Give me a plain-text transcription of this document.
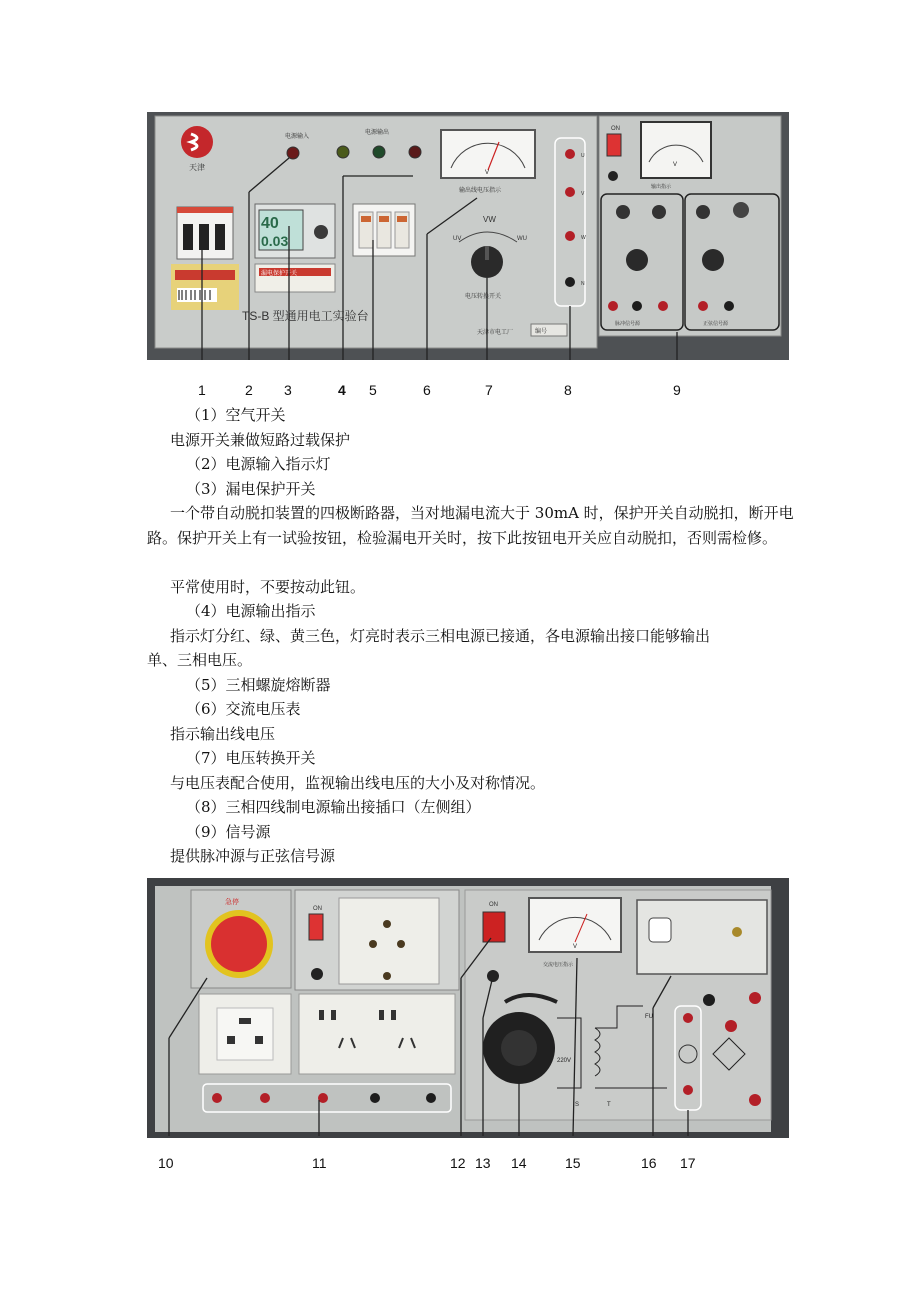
天津
电源输入
电源输出
40
0.03
漏电保护开关
TS-B 型通用电工实验台
V
输出线电压指示
VW
UV	WU
电压转换开关
天津市电工厂	编号
U
V
W
N
ON
V
输出指示
脉冲信号源	正弦信号源
1	2 3	4 5	6	7	8	9
（1）空气开关
电源开关兼做短路过载保护
（2）电源输入指示灯
（3）漏电保护开关
一个带自动脱扣装置的四极断路器，当对地漏电流大于 30mA 时，保护开关自动脱扣，断开电路。保护开关上有一试验按钮，检验漏电开关时，按下此按钮电开关应自动脱扣，否则需检修。
平常使用时，不要按动此钮。
（4）电源输出指示
指示灯分红、绿、黄三色，灯亮时表示三相电源已接通，各电源输出接口能够输出
单、三相电压。
（5）三相螺旋熔断器
（6）交流电压表
指示输出线电压
（7）电压转换开关
与电压表配合使用，监视输出线电压的大小及对称情况。
（8）三相四线制电源输出接插口（左侧组）
（9）信号源
提供脉冲源与正弦信号源
急停
ON
ON
V
交流电压指示
220V
FU
S	T
10	11	12 13 14	15	16 17
